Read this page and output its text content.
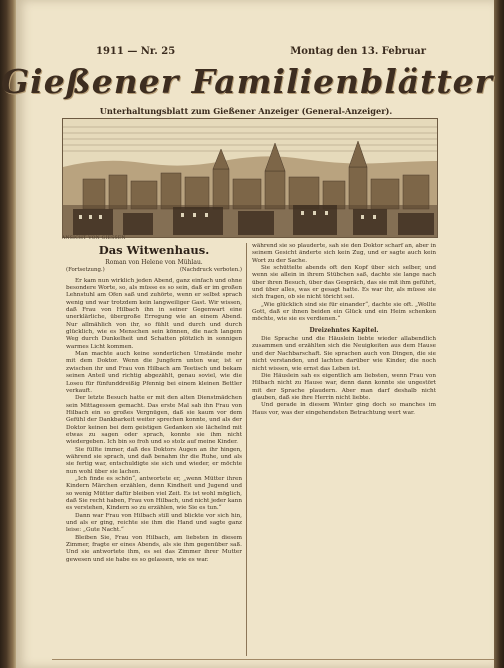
1911 — Nr. 25	Montag den 13. Februar
Gießener Familienblätter
Unterhaltungsblatt zum Gießener Anzeiger (General-Anzeiger).
ANSICHT VON GIESSEN
Das Witwenhaus.
Roman von Helene von Mühlau.
(Fortsetzung.)	(Nachdruck verboten.)

Er kam nun wirklich jeden Abend, ganz einfach und ohne besondere Worte, so, als müsse es so sein, daß er im großen Lehnstuhl am Ofen saß und zuhörte, wenn er selbst sprach wenig und war trotzdem kein langweiliger Gast. Wir wissen, daß Frau von Hilbach ihn in seiner Gegenwart eine unerklärliche, übergroße Erregung wie an einem Abend. Nur allmählich von ihr, so fühlt und durch und durch glücklich, wie es Menschen sein können, die nach langem Weg durch Dunkelheit und Schatten plötzlich in sonnigen warmes Licht kommen.

Man machte auch keine sonderlichen Umstände mehr mit dem Doktor. Wenn die Jungfern unten war, ist er zwischen ihr und Frau von Hilbach am Teetisch und bekam seinen Anteil und richtig abgezählt, genau soviel, wie die Loseu für fünfunddreißig Pfennig bei einem kleinen Bettler verkauft.

Der letzte Besuch hatte er mit den alten Dienstmädchen sein Mittagessen gemacht. Das erste Mal sah ihn Frau von Hilbach ein so großes Vergnügen, daß sie kaum vor dem Gefühl der Dankbarkeit weiter sprechen konnte, und als der Doktor keinen bei dem geistigen Gedanken sie lächelnd mit etwas zu sagen oder sprach, konnte sie ihm nicht wiedergeben. Ich bin so froh und so stolz auf meine Kinder.

Sie füllte immer, daß des Doktors Augen an ihr hingen, während sie sprach, und daß benahm ihr die Ruhe, und als sie fertig war, entschuldigte sie sich und wieder, er möchte nun wohl über sie lachen.

„Ich finde es schön“, antwortete er, „wenn Mütter ihren Kindern Märchen erzählen, denn Kindheit und Jugend und so wenig Mütter dafür bleiben viel Zeit. Es ist wohl möglich, daß Sie recht haben, Frau von Hilbach, und nicht jeder kann es verstehen, Kindern so zu erzählen, wie Sie es tun.“

Dann war Frau von Hilbach still und blickte vor sich hin, und als er ging, reichte sie ihm die Hand und sagte ganz leise: „Gute Nacht.“

Bleiben Sie, Frau von Hilbach, am liebsten in diesem Zimmer, fragte er eines Abends, als sie ihm gegenüber saß. Und sie antwortete ihm, es sei das Zimmer ihrer Mutter gewesen und sie habe es so gelassen, wie es war.

während sie so plauderte, sah sie den Doktor scharf an, aber in seinem Gesicht änderte sich kein Zug, und er sagte auch kein Wort zu der Sache.

Sie schüttelte abends oft den Kopf über sich selber, und wenn sie allein in ihrem Stübchen saß, dachte sie lange nach über ihren Besuch, über das Gespräch, das sie mit ihm geführt, und über alles, was er gesagt hatte. Es war ihr, als müsse sie sich fragen, ob sie nicht töricht sei.

„Wie glücklich sind sie für einander“, dachte sie oft. „Wollte Gott, daß er ihnen beiden ein Glück und ein Heim schenken möchte, wie sie es verdienen.“

Dreizehntes Kapitel.

Die Sprache und die Häuslein liebte wieder allabendlich zusammen und erzählten sich die Neuigkeiten aus dem Hause und der Nachbarschaft. Sie sprachen auch von Dingen, die sie nicht verstanden, und lachten darüber wie Kinder, die noch nicht wissen, wie ernst das Leben ist.

Die Häuslein sah es eigentlich am liebsten, wenn Frau von Hilbach nicht zu Hause war, denn dann konnte sie ungestört mit der Sprache plaudern. Aber man darf deshalb nicht glauben, daß sie ihre Herrin nicht liebte.

Und gerade in diesem Winter ging doch so manches im Haus vor, was der eingehendsten Betrachtung wert war.
